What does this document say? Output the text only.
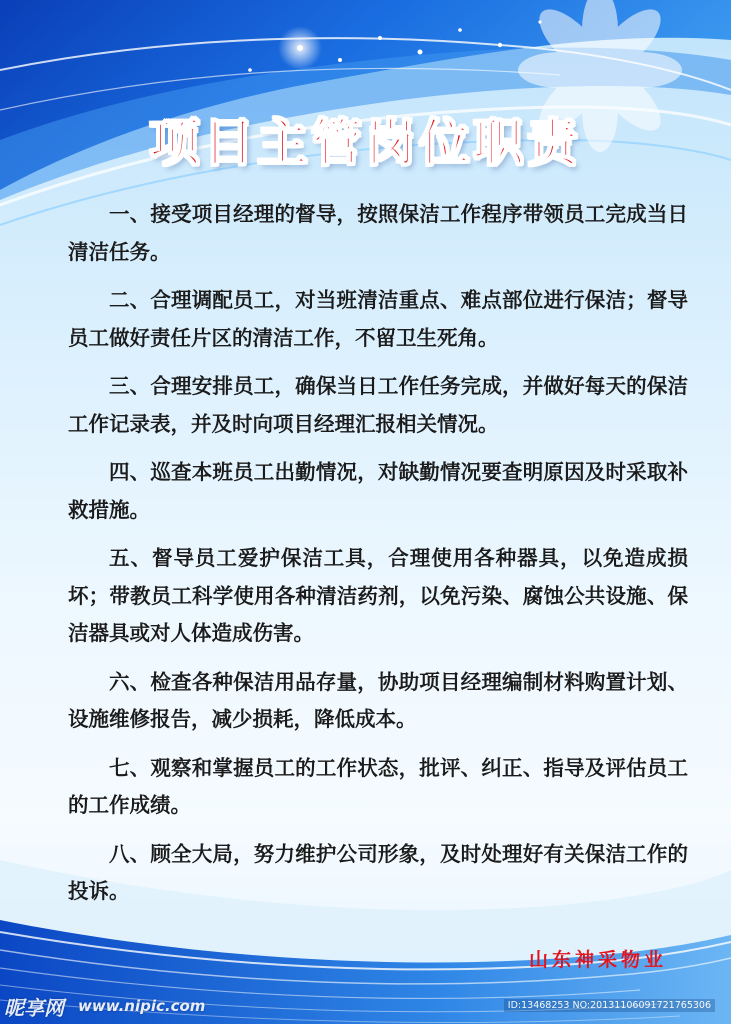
项目主管岗位职责

一、接受项目经理的督导，按照保洁工作程序带领员工完成当日清洁任务。

二、合理调配员工，对当班清洁重点、难点部位进行保洁；督导员工做好责任片区的清洁工作，不留卫生死角。

三、合理安排员工，确保当日工作任务完成，并做好每天的保洁工作记录表，并及时向项目经理汇报相关情况。

四、巡查本班员工出勤情况，对缺勤情况要查明原因及时采取补救措施。

五、督导员工爱护保洁工具，合理使用各种器具，以免造成损坏；带教员工科学使用各种清洁药剂，以免污染、腐蚀公共设施、保洁器具或对人体造成伤害。

六、检查各种保洁用品存量，协助项目经理编制材料购置计划、设施维修报告，减少损耗，降低成本。

七、观察和掌握员工的工作状态，批评、纠正、指导及评估员工的工作成绩。

八、顾全大局，努力维护公司形象，及时处理好有关保洁工作的投诉。

山东神采物业
昵享网 www.nipic.com	ID:13468253 NO:20131106091721765306
